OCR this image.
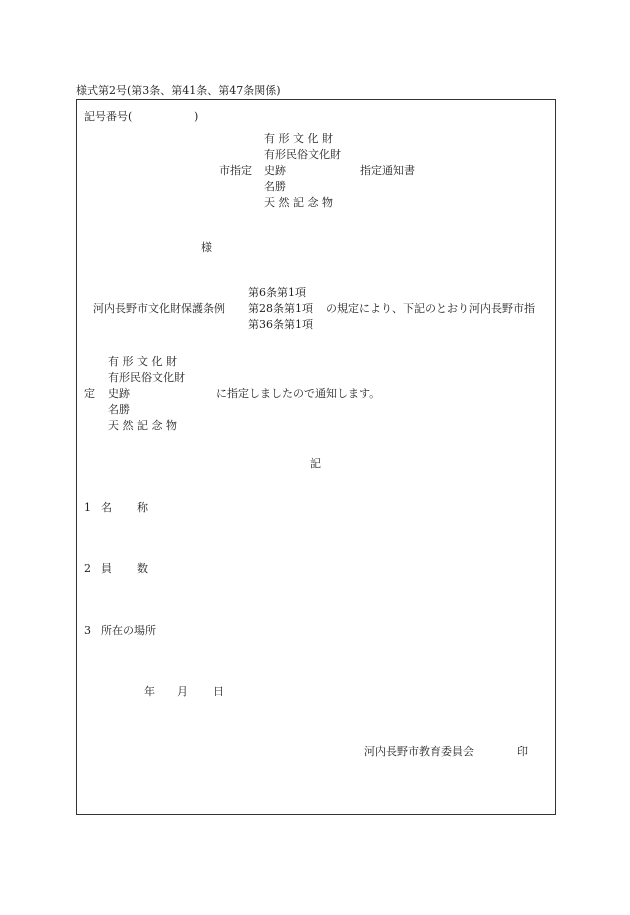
様式第2号(第3条、第41条、第47条関係)
記号番号(	)
有 形 文 化 財
有形民俗文化財
史跡
名勝
天 然 記 念 物
市指定	指定通知書
様
河内長野市文化財保護条例
第6条第1項
第28条第1項
第36条第1項
の規定により、下記のとおり河内長野市指
定
有 形 文 化 財
有形民俗文化財
史跡
名勝
天 然 記 念 物
に指定しましたので通知します。
記
1 名称
2 員数
3 所在の場所
年 月 日
河内長野市教育委員会	印
